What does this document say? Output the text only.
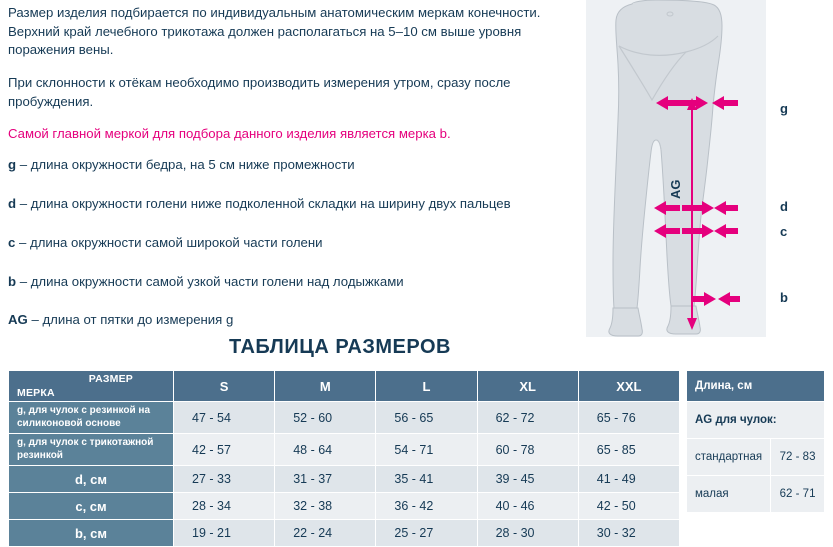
Размер изделия подбирается по индивидуальным анатомическим меркам конечности. Верхний край лечебного трикотажа должен располагаться на 5–10 см выше уровня поражения вены.

При склонности к отёкам необходимо производить измерения утром, сразу после пробуждения.

Самой главной меркой для подбора данного изделия является мерка b.

g – длина окружности бедра, на 5 см ниже промежности
d – длина окружности голени ниже подколенной складки на ширину двух пальцев
c – длина окружности самой широкой части голени
b – длина окружности самой узкой части голени над лодыжками
AG – длина от пятки до измерения g
g
d
c
b
AG
ТАБЛИЦА РАЗМЕРОВ
РАЗМЕР
МЕРКА	S	M	L	XL	XXL
g, для чулок с резинкой на силиконовой основе	47 - 54	52 - 60	56 - 65	62 - 72	65 - 76
g, для чулок с трикотажной резинкой	42 - 57	48 - 64	54 - 71	60 - 78	65 - 85
d, см	27 - 33	31 - 37	35 - 41	39 - 45	41 - 49
c, см	28 - 34	32 - 38	36 - 42	40 - 46	42 - 50
b, см	19 - 21	22 - 24	25 - 27	28 - 30	30 - 32
Длина, см	
AG для чулок:	
стандартная	72 - 83
малая	62 - 71
